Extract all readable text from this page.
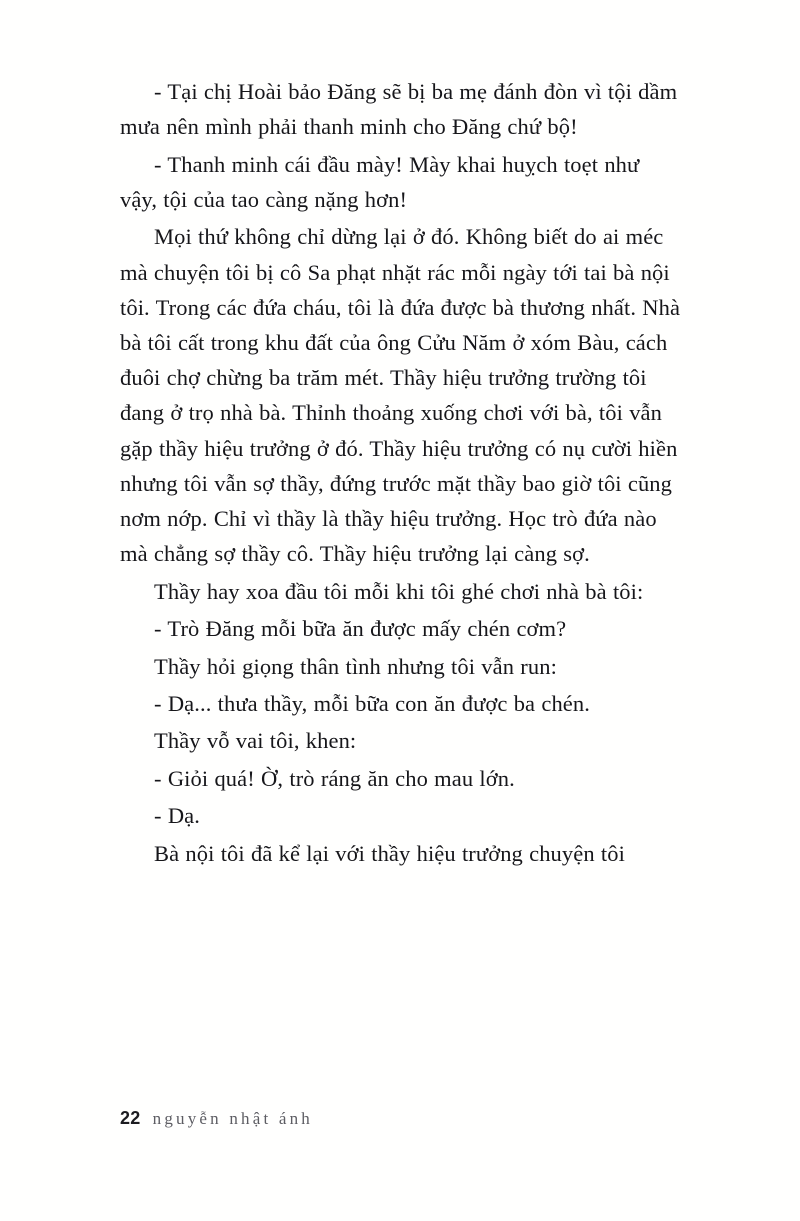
- Tại chị Hoài bảo Đăng sẽ bị ba mẹ đánh đòn vì tội dầm mưa nên mình phải thanh minh cho Đăng chứ bộ!

- Thanh minh cái đầu mày! Mày khai huỵch toẹt như vậy, tội của tao càng nặng hơn!

Mọi thứ không chỉ dừng lại ở đó. Không biết do ai méc mà chuyện tôi bị cô Sa phạt nhặt rác mỗi ngày tới tai bà nội tôi. Trong các đứa cháu, tôi là đứa được bà thương nhất. Nhà bà tôi cất trong khu đất của ông Cửu Năm ở xóm Bàu, cách đuôi chợ chừng ba trăm mét. Thầy hiệu trưởng trường tôi đang ở trọ nhà bà. Thỉnh thoảng xuống chơi với bà, tôi vẫn gặp thầy hiệu trưởng ở đó. Thầy hiệu trưởng có nụ cười hiền nhưng tôi vẫn sợ thầy, đứng trước mặt thầy bao giờ tôi cũng nơm nớp. Chỉ vì thầy là thầy hiệu trưởng. Học trò đứa nào mà chẳng sợ thầy cô. Thầy hiệu trưởng lại càng sợ.

Thầy hay xoa đầu tôi mỗi khi tôi ghé chơi nhà bà tôi:

- Trò Đăng mỗi bữa ăn được mấy chén cơm?

Thầy hỏi giọng thân tình nhưng tôi vẫn run:

- Dạ... thưa thầy, mỗi bữa con ăn được ba chén.

Thầy vỗ vai tôi, khen:

- Giỏi quá! Ờ, trò ráng ăn cho mau lớn.

- Dạ.

Bà nội tôi đã kể lại với thầy hiệu trưởng chuyện tôi

22 nguyễn nhật ánh
